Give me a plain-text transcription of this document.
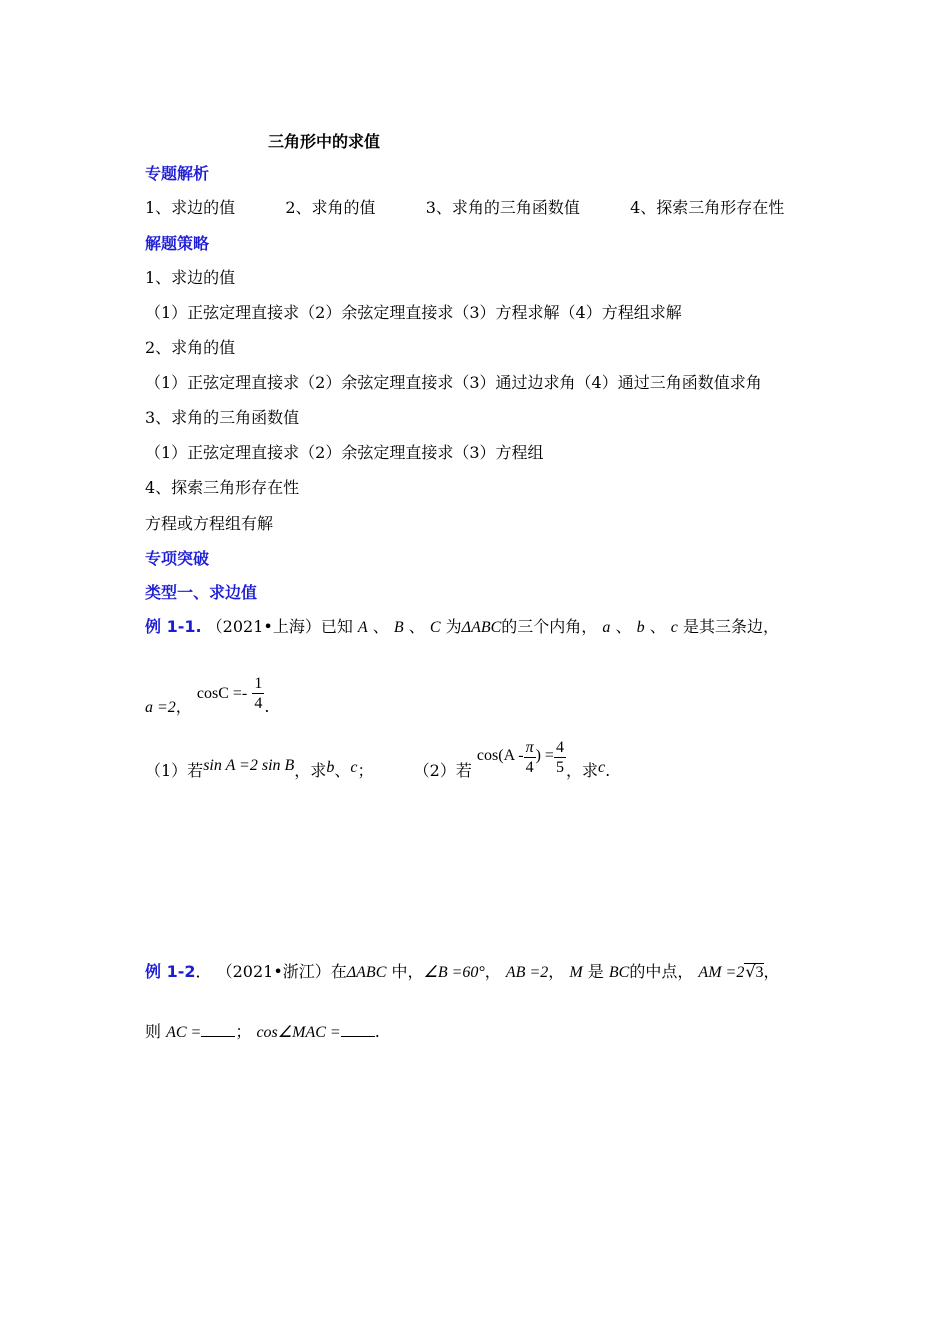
三角形中的求值
专题解析
1、求边的值	2、求角的值	3、求角的三角函数值	4、探索三角形存在性
解题策略
1、求边的值
（1）正弦定理直接求（2）余弦定理直接求（3）方程求解（4）方程组求解
2、求角的值
（1）正弦定理直接求（2）余弦定理直接求（3）通过边求角（4）通过三角函数值求角
3、求角的三角函数值
（1）正弦定理直接求（2）余弦定理直接求（3）方程组
4、探索三角形存在性
方程或方程组有解
专项突破
类型一、求边值
例 1-1. （2021•上海）已知 A 、 B 、 C 为ΔABC的三个内角， a 、 b 、 c 是其三条边，
a =2， $\cos C =- \frac{1}{4}$ .
（1）若sin A =2 sin B，求b、c；	（2）若 $\cos(A - \frac{\pi}{4}$ ) = $\frac{4}{5}$ ，求c.
例 1-2． （2021•浙江）在ΔABC 中，∠B =60°， AB =2， M 是 BC的中点， AM =2√3，
则 AC = ； cos∠MAC = .
